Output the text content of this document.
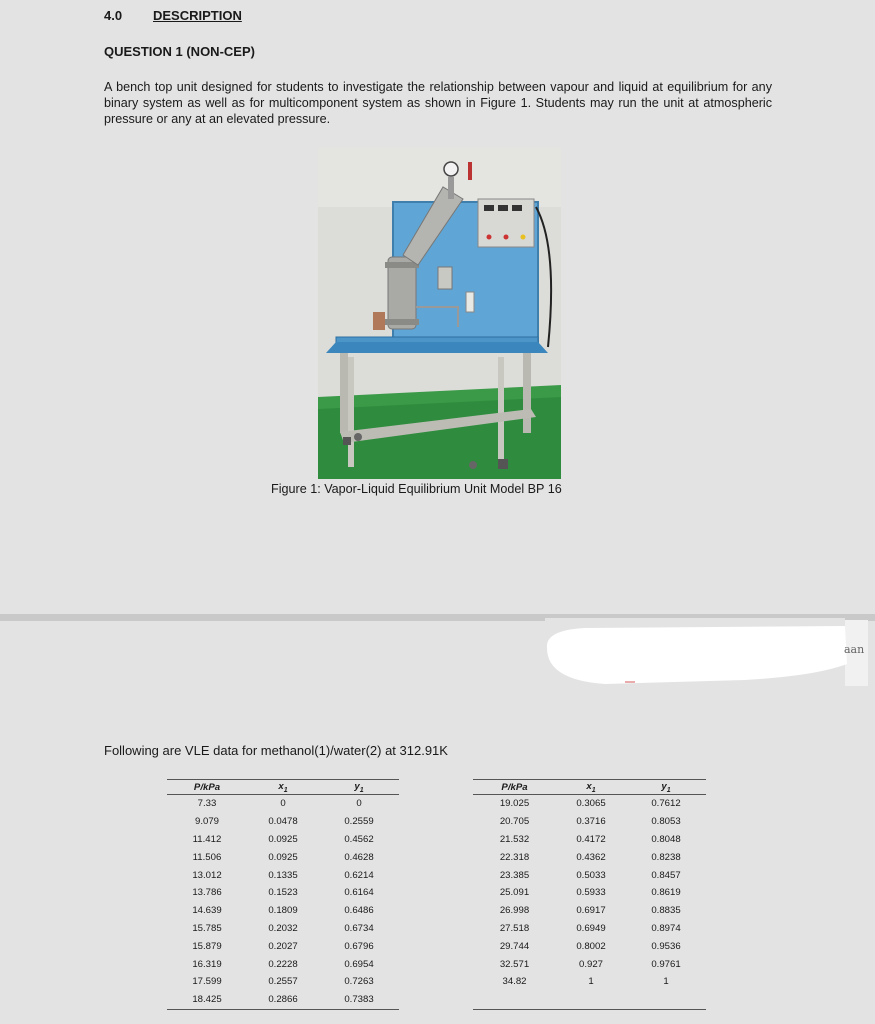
4.0 DESCRIPTION
QUESTION 1 (NON-CEP)
A bench top unit designed for students to investigate the relationship between vapour and liquid at equilibrium for any binary system as well as for multicomponent system as shown in Figure 1. Students may run the unit at atmospheric pressure or any at an elevated pressure.
Figure 1: Vapor-Liquid Equilibrium Unit Model BP 16
aan
Following are VLE data for methanol(1)/water(2) at 312.91K
P/kPa	$x_1$	$y_1$
7.33	0	0
9.079	0.0478	0.2559
11.412	0.0925	0.4562
11.506	0.0925	0.4628
13.012	0.1335	0.6214
13.786	0.1523	0.6164
14.639	0.1809	0.6486
15.785	0.2032	0.6734
15.879	0.2027	0.6796
16.319	0.2228	0.6954
17.599	0.2557	0.7263
18.425	0.2866	0.7383
P/kPa	$x_1$	$y_1$
19.025	0.3065	0.7612
20.705	0.3716	0.8053
21.532	0.4172	0.8048
22.318	0.4362	0.8238
23.385	0.5033	0.8457
25.091	0.5933	0.8619
26.998	0.6917	0.8835
27.518	0.6949	0.8974
29.744	0.8002	0.9536
32.571	0.927	0.9761
34.82	1	1
